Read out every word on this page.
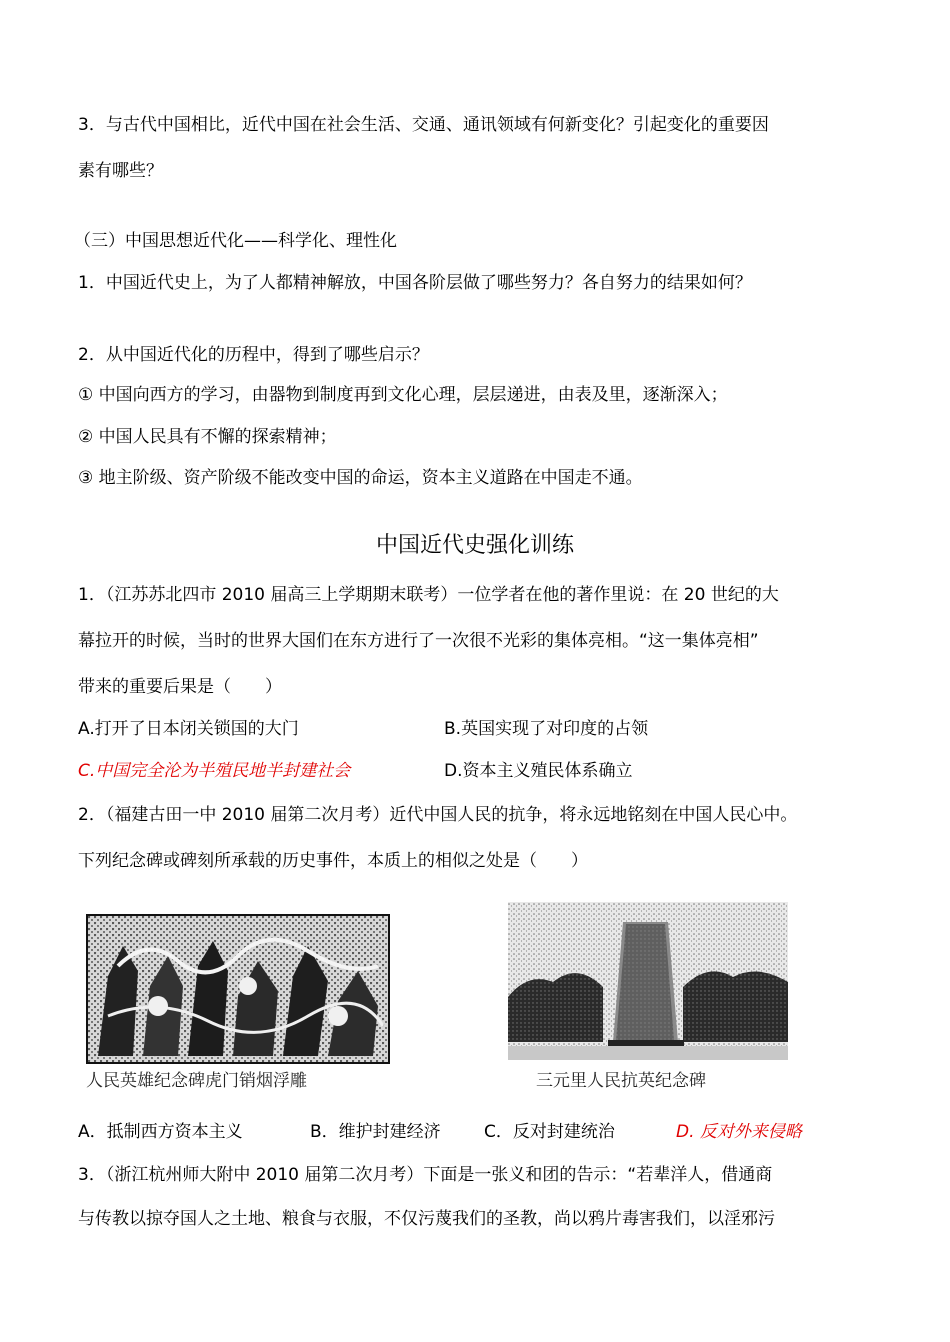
3．与古代中国相比，近代中国在社会生活、交通、通讯领域有何新变化？引起变化的重要因
素有哪些？
（三）中国思想近代化——科学化、理性化
1．中国近代史上，为了人都精神解放，中国各阶层做了哪些努力？各自努力的结果如何？
2．从中国近代化的历程中，得到了哪些启示？
① 中国向西方的学习，由器物到制度再到文化心理，层层递进，由表及里，逐渐深入；
② 中国人民具有不懈的探索精神；
③ 地主阶级、资产阶级不能改变中国的命运，资本主义道路在中国走不通。
中国近代史强化训练
1．（江苏苏北四市 2010 届高三上学期期末联考）一位学者在他的著作里说：在 20 世纪的大
幕拉开的时候，当时的世界大国们在东方进行了一次很不光彩的集体亮相。“这一集体亮相”
带来的重要后果是（　　）
A.打开了日本闭关锁国的大门	B.英国实现了对印度的占领
C.中国完全沦为半殖民地半封建社会	D.资本主义殖民体系确立
2．（福建古田一中 2010 届第二次月考）近代中国人民的抗争，将永远地铭刻在中国人民心中。
下列纪念碑或碑刻所承载的历史事件，本质上的相似之处是（　　）
人民英雄纪念碑虎门销烟浮雕	三元里人民抗英纪念碑
A．抵制西方资本主义	B．维护封建经济	C．反对封建统治	D. 反对外来侵略
3．（浙江杭州师大附中 2010 届第二次月考）下面是一张义和团的告示：“若辈洋人，借通商
与传教以掠夺国人之土地、粮食与衣服，不仅污蔑我们的圣教，尚以鸦片毒害我们，以淫邪污
